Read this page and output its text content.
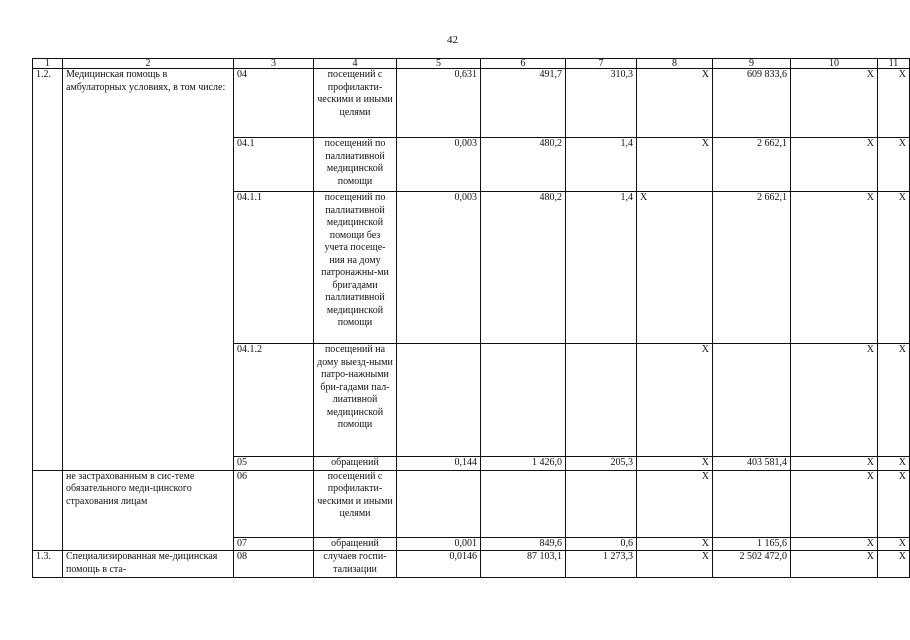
42
1	2	3	4	5	6	7	8	9	10	11
1.2.	Медицинская помощь в амбулаторных условиях, в том числе:	04	посещений с профилакти-ческими и иными целями	0,631	491,7	310,3	Х	609 833,6	Х	Х
		04.1	посещений по паллиативной медицинской помощи	0,003	480,2	1,4	Х	2 662,1	Х	Х
		04.1.1	посещений по паллиативной медицинской помощи без учета посеще-ния на дому патронажны-ми бригадами паллиативной медицинской помощи	0,003	480,2	1,4	Х	2 662,1	Х	Х
		04.1.2	посещений на дому выезд-ными патро-нажными бри-гадами пал-лиативной медицинской помощи				Х		Х	Х
		05	обращений	0,144	1 426,0	205,3	Х	403 581,4	Х	Х
	не застрахованным в сис-теме обязательного меди-цинского страхования лицам	06	посещений с профилакти-ческими и иными целями				Х		Х	Х
		07	обращений	0,001	849,6	0,6	Х	1 165,6	Х	Х
1.3.	Специализированная ме-дицинская помощь в ста-	08	случаев госпи-тализации	0,0146	87 103,1	1 273,3	Х	2 502 472,0	Х	Х
